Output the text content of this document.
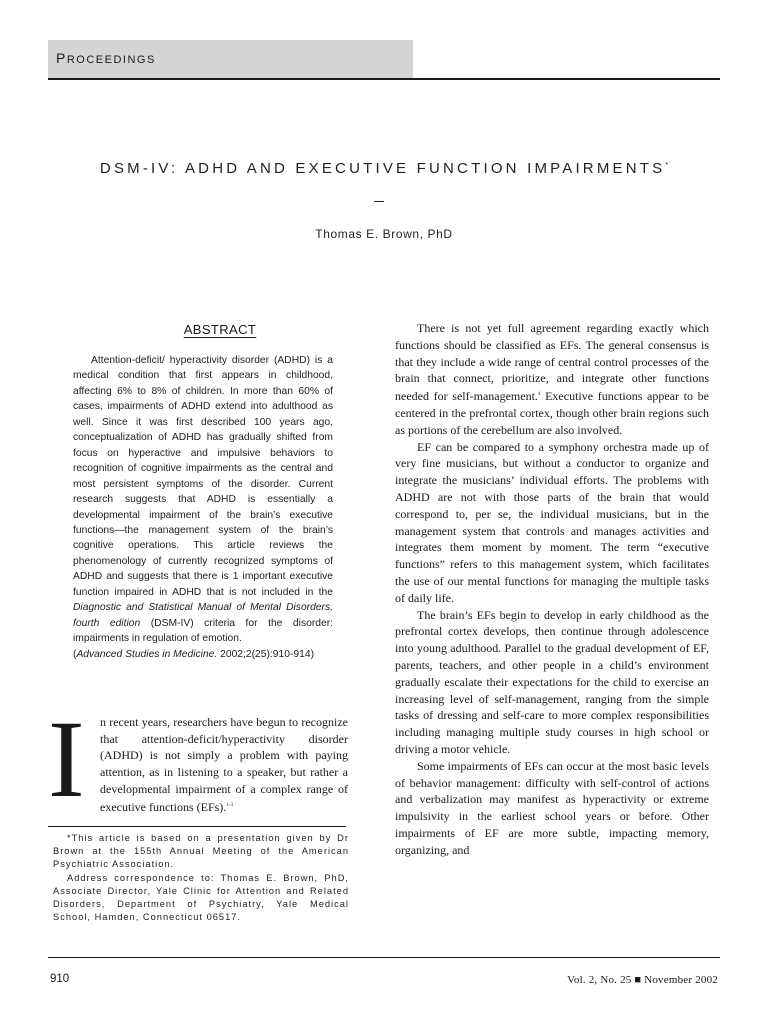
proceedings
DSM-IV: ADHD AND EXECUTIVE FUNCTION IMPAIRMENTS*
Thomas E. Brown, PhD
ABSTRACT

Attention-deficit/ hyperactivity disorder (ADHD) is a medical condition that first appears in childhood, affecting 6% to 8% of children. In more than 60% of cases, impairments of ADHD extend into adulthood as well. Since it was first described 100 years ago, conceptualization of ADHD has gradually shifted from focus on hyperactive and impulsive behaviors to recognition of cognitive impairments as the central and most persistent symptoms of the disorder. Current research suggests that ADHD is essentially a developmental impairment of the brain’s executive functions—the management system of the brain’s cognitive operations. This article reviews the phenomenology of currently recognized symptoms of ADHD and suggests that there is 1 important executive function impaired in ADHD that is not included in the Diagnostic and Statistical Manual of Mental Disorders, fourth edition (DSM-IV) criteria for the disorder: impairments in regulation of emotion.

(Advanced Studies in Medicine. 2002;2(25):910-914)

I	n recent years, researchers have begun to recognize that attention-deficit/hyperactivity disorder (ADHD) is not simply a problem with paying attention, as in listening to a speaker, but rather a developmental impairment of a complex range of executive functions (EFs).$^{1-3}$

*This article is based on a presentation given by Dr Brown at the 155th Annual Meeting of the American Psychiatric Association.

Address correspondence to: Thomas E. Brown, PhD, Associate Director, Yale Clinic for Attention and Related Disorders, Department of Psychiatry, Yale Medical School, Hamden, Connecticut 06517.

There is not yet full agreement regarding exactly which functions should be classified as EFs. The general consensus is that they include a wide range of central control processes of the brain that connect, prioritize, and integrate other functions needed for self-management.$^4$ Executive functions appear to be centered in the prefrontal cortex, though other brain regions such as portions of the cerebellum are also involved.

EF can be compared to a symphony orchestra made up of very fine musicians, but without a conductor to organize and integrate the musicians’ individual efforts. The problems with ADHD are not with those parts of the brain that would correspond to, per se, the individual musicians, but in the management system that controls and manages activities and integrates them moment by moment. The term “executive functions” refers to this management system, which facilitates the use of our mental functions for managing the multiple tasks of daily life.

The brain’s EFs begin to develop in early childhood as the prefrontal cortex develops, then continue through adolescence into young adulthood. Parallel to the gradual development of EF, parents, teachers, and other people in a child’s environment gradually escalate their expectations for the child to exercise an increasing level of self-management, ranging from the simple tasks of dressing and self-care to more complex responsibilities including managing multiple study courses in high school or driving a motor vehicle.

Some impairments of EFs can occur at the most basic levels of behavior management: difficulty with self-control of actions and verbalization may manifest as hyperactivity or extreme impulsivity in the earliest school years or before. Other impairments of EF are more subtle, impacting memory, organizing, and

910	Vol. 2, No. 25 ■ November 2002
